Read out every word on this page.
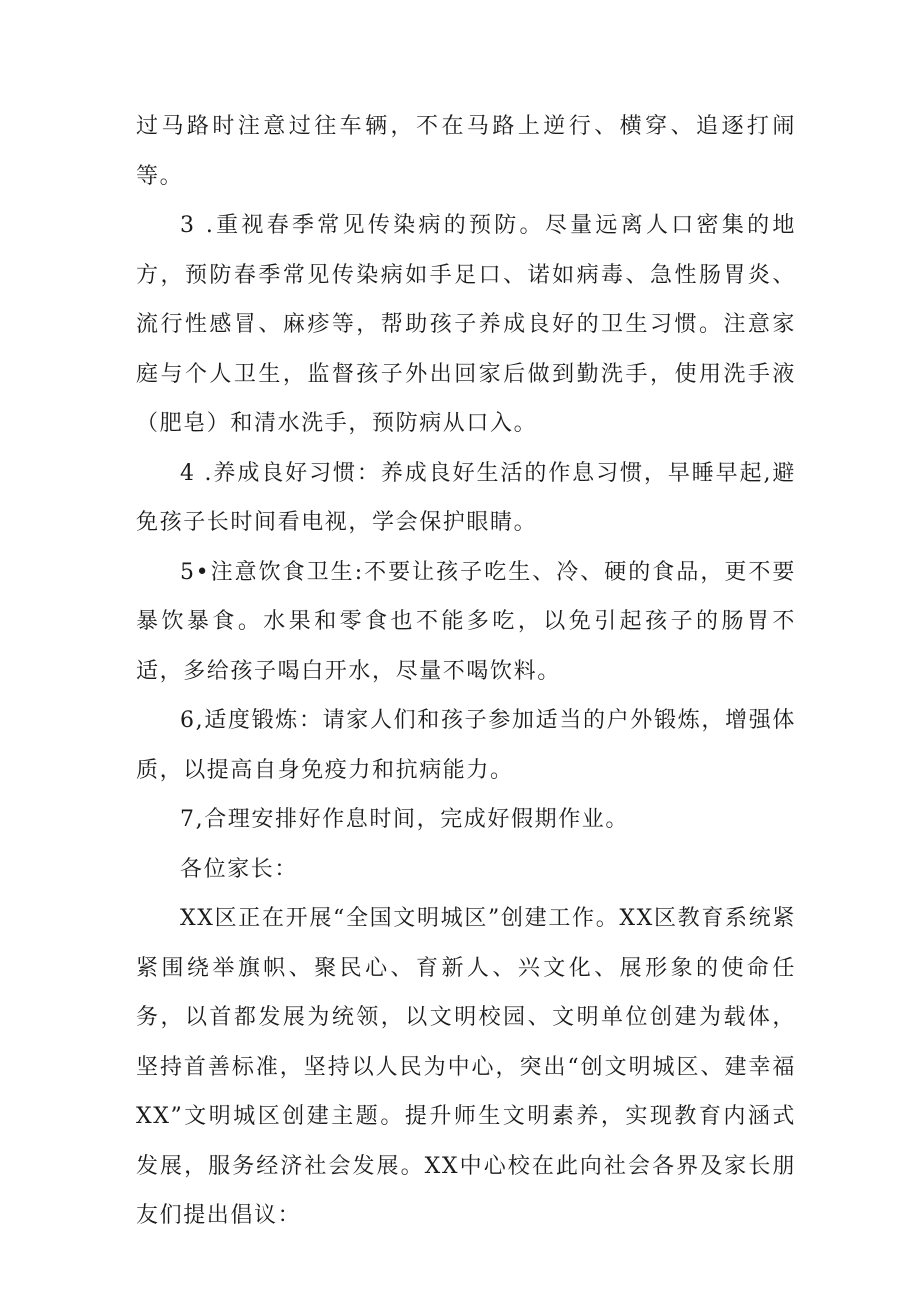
过马路时注意过往车辆，不在马路上逆行、横穿、追逐打闹等。

3 .重视春季常见传染病的预防。尽量远离人口密集的地方，预防春季常见传染病如手足口、诺如病毒、急性肠胃炎、流行性感冒、麻疹等，帮助孩子养成良好的卫生习惯。注意家庭与个人卫生，监督孩子外出回家后做到勤洗手，使用洗手液（肥皂）和清水洗手，预防病从口入。

4 .养成良好习惯：养成良好生活的作息习惯，早睡早起,避免孩子长时间看电视，学会保护眼睛。

5•注意饮食卫生:不要让孩子吃生、冷、硬的食品，更不要暴饮暴食。水果和零食也不能多吃，以免引起孩子的肠胃不适，多给孩子喝白开水，尽量不喝饮料。

6,适度锻炼：请家人们和孩子参加适当的户外锻炼，增强体质，以提高自身免疫力和抗病能力。

7,合理安排好作息时间，完成好假期作业。

各位家长：

XX区正在开展“全国文明城区”创建工作。XX区教育系统紧紧围绕举旗帜、聚民心、育新人、兴文化、展形象的使命任务，以首都发展为统领，以文明校园、文明单位创建为载体，坚持首善标准，坚持以人民为中心，突出“创文明城区、建幸福XX”文明城区创建主题。提升师生文明素养，实现教育内涵式发展，服务经济社会发展。XX中心校在此向社会各界及家长朋友们提出倡议：
